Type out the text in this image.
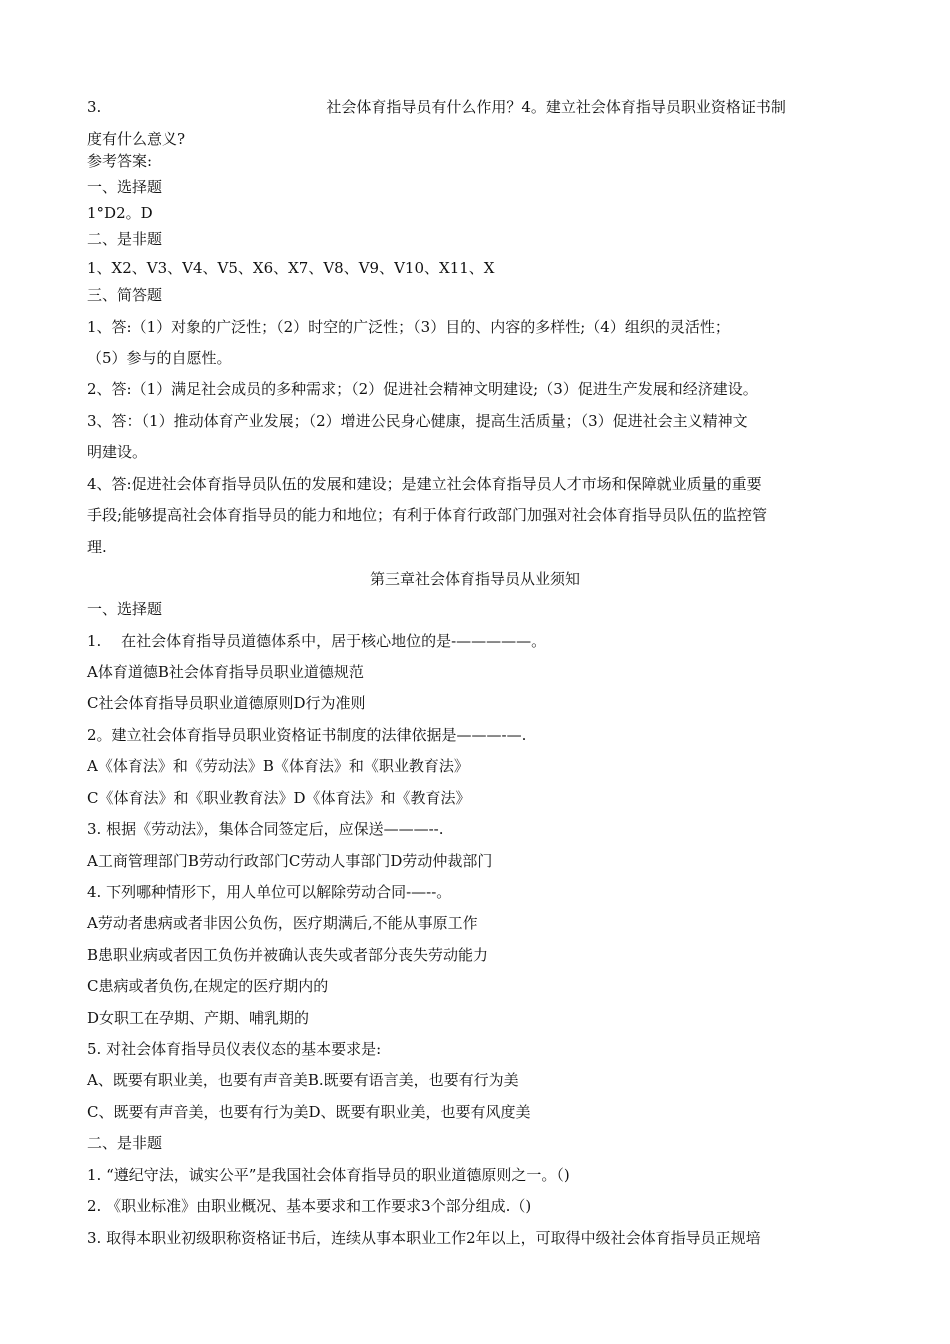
3.　　　　　　　　　　　　　　　社会体育指导员有什么作用？4。建立社会体育指导员职业资格证书制
度有什么意义?
参考答案:
一、选择题
1°D2。D
二、是非题
1、X2、V3、V4、V5、X6、X7、V8、V9、V10、X11、X
三、简答题
1、答:（1）对象的广泛性；（2）时空的广泛性；（3）目的、内容的多样性;（4）组织的灵活性；
（5）参与的自愿性。
2、答:（1）满足社会成员的多种需求；（2）促进社会精神文明建设;（3）促进生产发展和经济建设。
3、答：（1）推动体育产业发展；（2）增进公民身心健康，提高生活质量；（3）促进社会主义精神文
明建设。
4、答:促进社会体育指导员队伍的发展和建设；是建立社会体育指导员人才市场和保障就业质量的重要
手段;能够提高社会体育指导员的能力和地位；有利于体育行政部门加强对社会体育指导员队伍的监控管
理.
第三章社会体育指导员从业须知
一、选择题
1.　 在社会体育指导员道德体系中，居于核心地位的是-—————。
A体育道德B社会体育指导员职业道德规范
C社会体育指导员职业道德原则D行为准则
2。建立社会体育指导员职业资格证书制度的法律依据是———-—.
A《体育法》和《劳动法》B《体育法》和《职业教育法》
C《体育法》和《职业教育法》D《体育法》和《教育法》
3. 根据《劳动法》，集体合同签定后，应保送———--.
A工商管理部门B劳动行政部门C劳动人事部门D劳动仲裁部门
4. 下列哪种情形下，用人单位可以解除劳动合同-—--。
A劳动者患病或者非因公负伤，医疗期满后,不能从事原工作
B患职业病或者因工负伤并被确认丧失或者部分丧失劳动能力
C患病或者负伤,在规定的医疗期内的
D女职工在孕期、产期、哺乳期的
5. 对社会体育指导员仪表仪态的基本要求是:
A、既要有职业美，也要有声音美B.既要有语言美，也要有行为美
C、既要有声音美，也要有行为美D、既要有职业美，也要有风度美
二、是非题
1. “遵纪守法，诚实公平”是我国社会体育指导员的职业道德原则之一。（)
2. 《职业标准》由职业概况、基本要求和工作要求3个部分组成.（)
3. 取得本职业初级职称资格证书后，连续从事本职业工作2年以上，可取得中级社会体育指导员正规培
